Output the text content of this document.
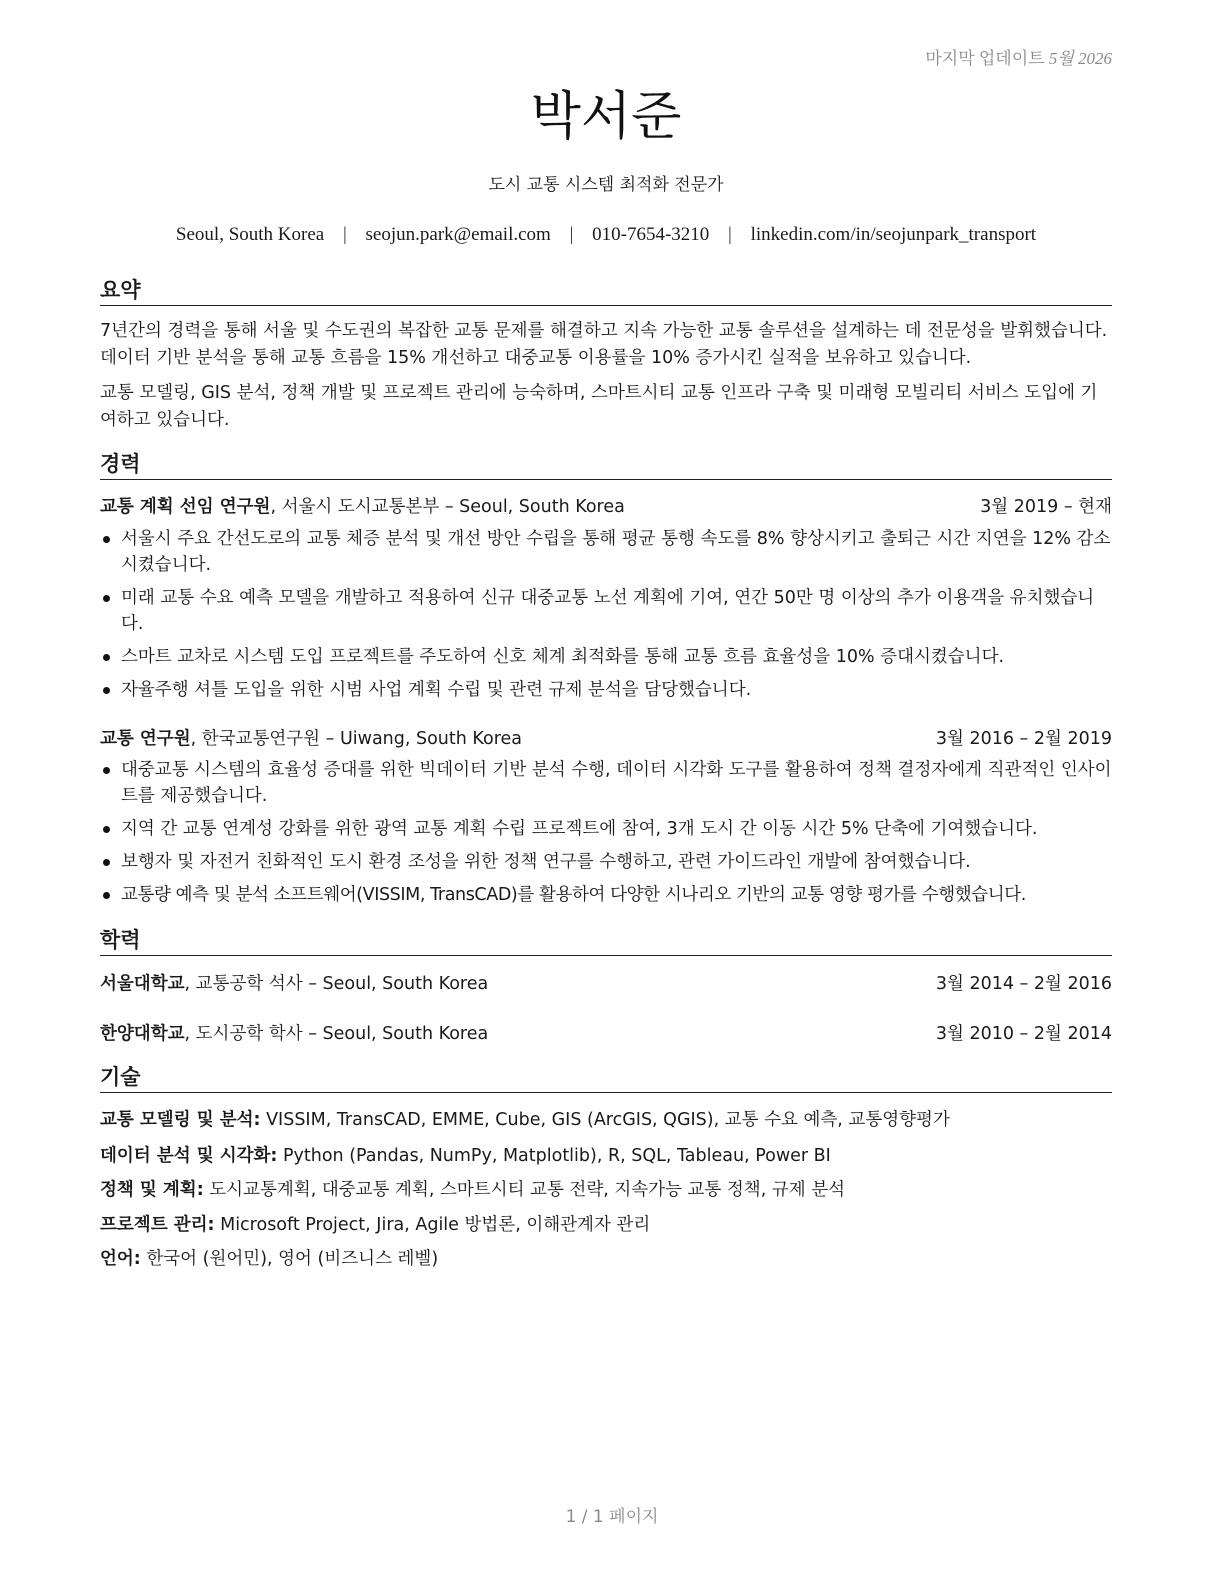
마지막 업데이트 5월 2026
박서준
도시 교통 시스템 최적화 전문가
Seoul, South Korea | seojun.park@email.com | 010-7654-3210 | linkedin.com/in/seojunpark_transport
요약
7년간의 경력을 통해 서울 및 수도권의 복잡한 교통 문제를 해결하고 지속 가능한 교통 솔루션을 설계하는 데 전문성을 발휘했습니다. 데이터 기반 분석을 통해 교통 흐름을 15% 개선하고 대중교통 이용률을 10% 증가시킨 실적을 보유하고 있습니다.
교통 모델링, GIS 분석, 정책 개발 및 프로젝트 관리에 능숙하며, 스마트시티 교통 인프라 구축 및 미래형 모빌리티 서비스 도입에 기여하고 있습니다.
경력
교통 계획 선임 연구원, 서울시 도시교통본부 – Seoul, South Korea	3월 2019 – 현재
서울시 주요 간선도로의 교통 체증 분석 및 개선 방안 수립을 통해 평균 통행 속도를 8% 향상시키고 출퇴근 시간 지연을 12% 감소시켰습니다.
미래 교통 수요 예측 모델을 개발하고 적용하여 신규 대중교통 노선 계획에 기여, 연간 50만 명 이상의 추가 이용객을 유치했습니다.
스마트 교차로 시스템 도입 프로젝트를 주도하여 신호 체계 최적화를 통해 교통 흐름 효율성을 10% 증대시켰습니다.
자율주행 셔틀 도입을 위한 시범 사업 계획 수립 및 관련 규제 분석을 담당했습니다.
교통 연구원, 한국교통연구원 – Uiwang, South Korea	3월 2016 – 2월 2019
대중교통 시스템의 효율성 증대를 위한 빅데이터 기반 분석 수행, 데이터 시각화 도구를 활용하여 정책 결정자에게 직관적인 인사이트를 제공했습니다.
지역 간 교통 연계성 강화를 위한 광역 교통 계획 수립 프로젝트에 참여, 3개 도시 간 이동 시간 5% 단축에 기여했습니다.
보행자 및 자전거 친화적인 도시 환경 조성을 위한 정책 연구를 수행하고, 관련 가이드라인 개발에 참여했습니다.
교통량 예측 및 분석 소프트웨어(VISSIM, TransCAD)를 활용하여 다양한 시나리오 기반의 교통 영향 평가를 수행했습니다.
학력
서울대학교, 교통공학 석사 – Seoul, South Korea	3월 2014 – 2월 2016
한양대학교, 도시공학 학사 – Seoul, South Korea	3월 2010 – 2월 2014
기술
교통 모델링 및 분석: VISSIM, TransCAD, EMME, Cube, GIS (ArcGIS, QGIS), 교통 수요 예측, 교통영향평가
데이터 분석 및 시각화: Python (Pandas, NumPy, Matplotlib), R, SQL, Tableau, Power BI
정책 및 계획: 도시교통계획, 대중교통 계획, 스마트시티 교통 전략, 지속가능 교통 정책, 규제 분석
프로젝트 관리: Microsoft Project, Jira, Agile 방법론, 이해관계자 관리
언어: 한국어 (원어민), 영어 (비즈니스 레벨)
1 / 1 페이지
